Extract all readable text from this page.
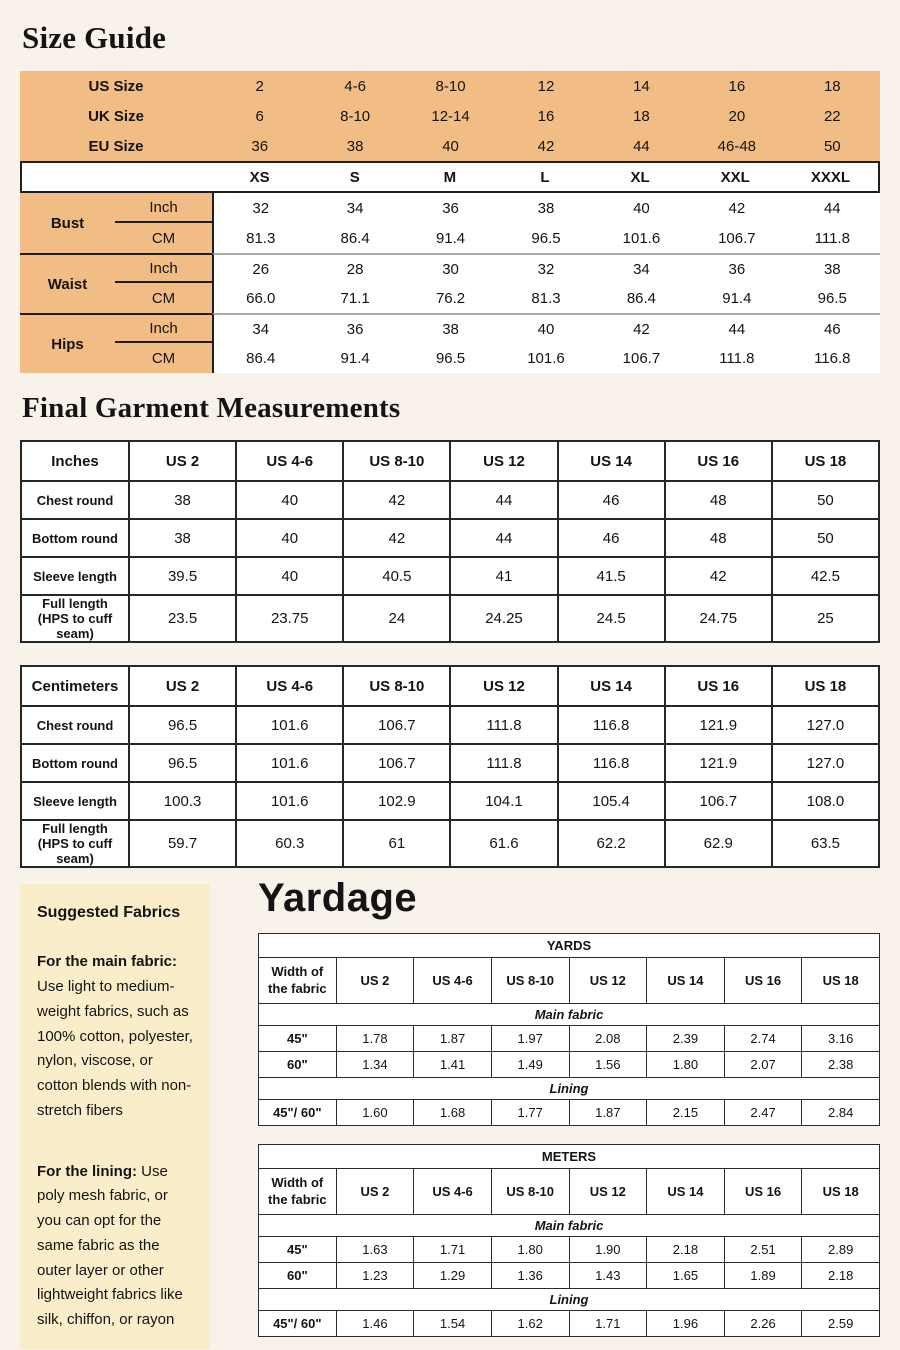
Size Guide
US Size	2	4-6	8-10	12	14	16	18
UK Size	6	8-10	12-14	16	18	20	22
EU Size	36	38	40	42	44	46-48	50
XS	S	M	L	XL	XXL	XXXL
Bust
Inch	32	34	36	38	40	42	44
CM	81.3	86.4	91.4	96.5	101.6	106.7	111.8
Waist
Inch	26	28	30	32	34	36	38
CM	66.0	71.1	76.2	81.3	86.4	91.4	96.5
Hips
Inch	34	36	38	40	42	44	46
CM	86.4	91.4	96.5	101.6	106.7	111.8	116.8
Final Garment Measurements
Inches	US 2	US 4-6	US 8-10	US 12	US 14	US 16	US 18
Chest round	38	40	42	44	46	48	50
Bottom round	38	40	42	44	46	48	50
Sleeve length	39.5	40	40.5	41	41.5	42	42.5
Full length (HPS to cuff seam)	23.5	23.75	24	24.25	24.5	24.75	25
Centimeters	US 2	US 4-6	US 8-10	US 12	US 14	US 16	US 18
Chest round	96.5	101.6	106.7	111.8	116.8	121.9	127.0
Bottom round	96.5	101.6	106.7	111.8	116.8	121.9	127.0
Sleeve length	100.3	101.6	102.9	104.1	105.4	106.7	108.0
Full length (HPS to cuff seam)	59.7	60.3	61	61.6	62.2	62.9	63.5

Suggested Fabrics

For the main fabric: Use light to medium-weight fabrics, such as 100% cotton, polyester, nylon, viscose, or cotton blends with non-stretch fibers

For the lining: Use poly mesh fabric, or you can opt for the same fabric as the outer layer or other lightweight fabrics like silk, chiffon, or rayon

Yardage
YARDS							
Width of the fabric	US 2	US 4-6	US 8-10	US 12	US 14	US 16	US 18
Main fabric							
45"	1.78	1.87	1.97	2.08	2.39	2.74	3.16
60"	1.34	1.41	1.49	1.56	1.80	2.07	2.38
Lining							
45"/ 60"	1.60	1.68	1.77	1.87	2.15	2.47	2.84
METERS							
Width of the fabric	US 2	US 4-6	US 8-10	US 12	US 14	US 16	US 18
Main fabric							
45"	1.63	1.71	1.80	1.90	2.18	2.51	2.89
60"	1.23	1.29	1.36	1.43	1.65	1.89	2.18
Lining							
45"/ 60"	1.46	1.54	1.62	1.71	1.96	2.26	2.59
